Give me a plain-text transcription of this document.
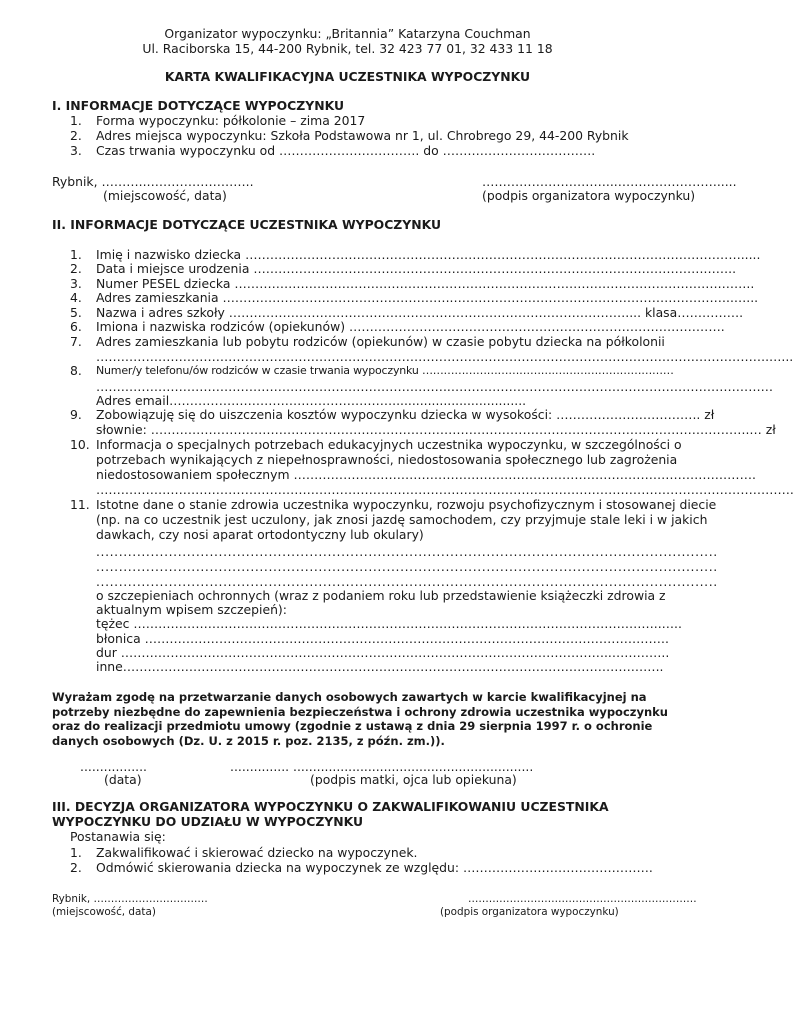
Organizator wypoczynku: „Britannia” Katarzyna Couchman
Ul. Raciborska 15, 44-200 Rybnik, tel. 32 423 77 01, 32 433 11 18
KARTA KWALIFIKACYJNA UCZESTNIKA WYPOCZYNKU
I. INFORMACJE DOTYCZĄCE WYPOCZYNKU
1. Forma wypoczynku: półkolonie – zima 2017
2. Adres miejsca wypoczynku: Szkoła Podstawowa nr 1, ul. Chrobrego 29, 44-200 Rybnik
3. Czas trwania wypoczynku od ……………………………. do ……………………………….
Rybnik, ………..……………………..
(miejscowość, data)
…………………………...…………………….....
(podpis organizatora wypoczynku)
II. INFORMACJE DOTYCZĄCE UCZESTNIKA WYPOCZYNKU
1. Imię i nazwisko dziecka ………………………………………………………………………………………………………….....
2. Data i miejsce urodzenia ……………………………………………………………………………………………….……..
3. Numer PESEL dziecka ……………………………………………………………………………………………………….……..
4. Adres zamieszkania ………………………………………………..…………………………………………………………..…...
5. Nazwa i adres szkoły …………………………………………………………………………………….... klasa…………….
6. Imiona i nazwiska rodziców (opiekunów) ……………………………………………………………………………….
7. Adres zamieszkania lub pobytu rodziców (opiekunów) w czasie pobytu dziecka na półkolonii
……………………………………………………………………………………………………………………………………………….…...
8. Numer/y telefonu/ów rodziców w czasie trwania wypoczynku ……………………………….……………………………
…………………………………………………………………………..……………………………………………………………………
Adres email………………………………………………..................................
9. Zobowiązuję się do uiszczenia kosztów wypoczynku dziecka w wysokości: …………………………….. zł
słownie: ……………………………………………………………………………………………………………………………….… zł
10. Informacja o specjalnych potrzebach edukacyjnych uczestnika wypoczynku, w szczególności o
potrzebach wynikających z niepełnosprawności, niedostosowania społecznego lub zagrożenia
niedostosowaniem społecznym ………………………………………………………………………………………………….
…………………………………………………………………………………………………………………………………………………….
11. Istotne dane o stanie zdrowia uczestnika wypoczynku, rozwoju psychofizycznym i stosowanej diecie
(np. na co uczestnik jest uczulony, jak znosi jazdę samochodem, czy przyjmuje stale leki i w jakich
dawkach, czy nosi aparat ortodontyczny lub okulary)
.........................................................................................................................................
.........................................................................................................................................
.........................................................................................................................................
o szczepieniach ochronnych (wraz z podaniem roku lub przedstawienie książeczki zdrowia z
aktualnym wpisem szczepień):
tężec ………………………………………………………………………………………………………………..…..
błonica ……………………………………………………………………………………………………………….
dur ………………………………………………………………………………………………………..…………..
inne…………………………………………………………………………………………………………………..
Wyrażam zgodę na przetwarzanie danych osobowych zawartych w karcie kwalifikacyjnej na potrzeby niezbędne do zapewnienia bezpieczeństwa i ochrony zdrowia uczestnika wypoczynku oraz do realizacji przedmiotu umowy (zgodnie z ustawą z dnia 29 sierpnia 1997 r. o ochronie danych osobowych (Dz. U. z 2015 r. poz. 2135, z późn. zm.)).
.................
(data)
............... .............................................................
(podpis matki, ojca lub opiekuna)
III. DECYZJA ORGANIZATORA WYPOCZYNKU O ZAKWALIFIKOWANIU UCZESTNIKA
WYPOCZYNKU DO UDZIAŁU W WYPOCZYNKU
Postanawia się:
1. Zakwalifikować i skierować dziecko na wypoczynek.
2. Odmówić skierowania dziecka na wypoczynek ze względu: ……………………………………….
Rybnik, ……………………………
(miejscowość, data)
…………………………………………………………
(podpis organizatora wypoczynku)
